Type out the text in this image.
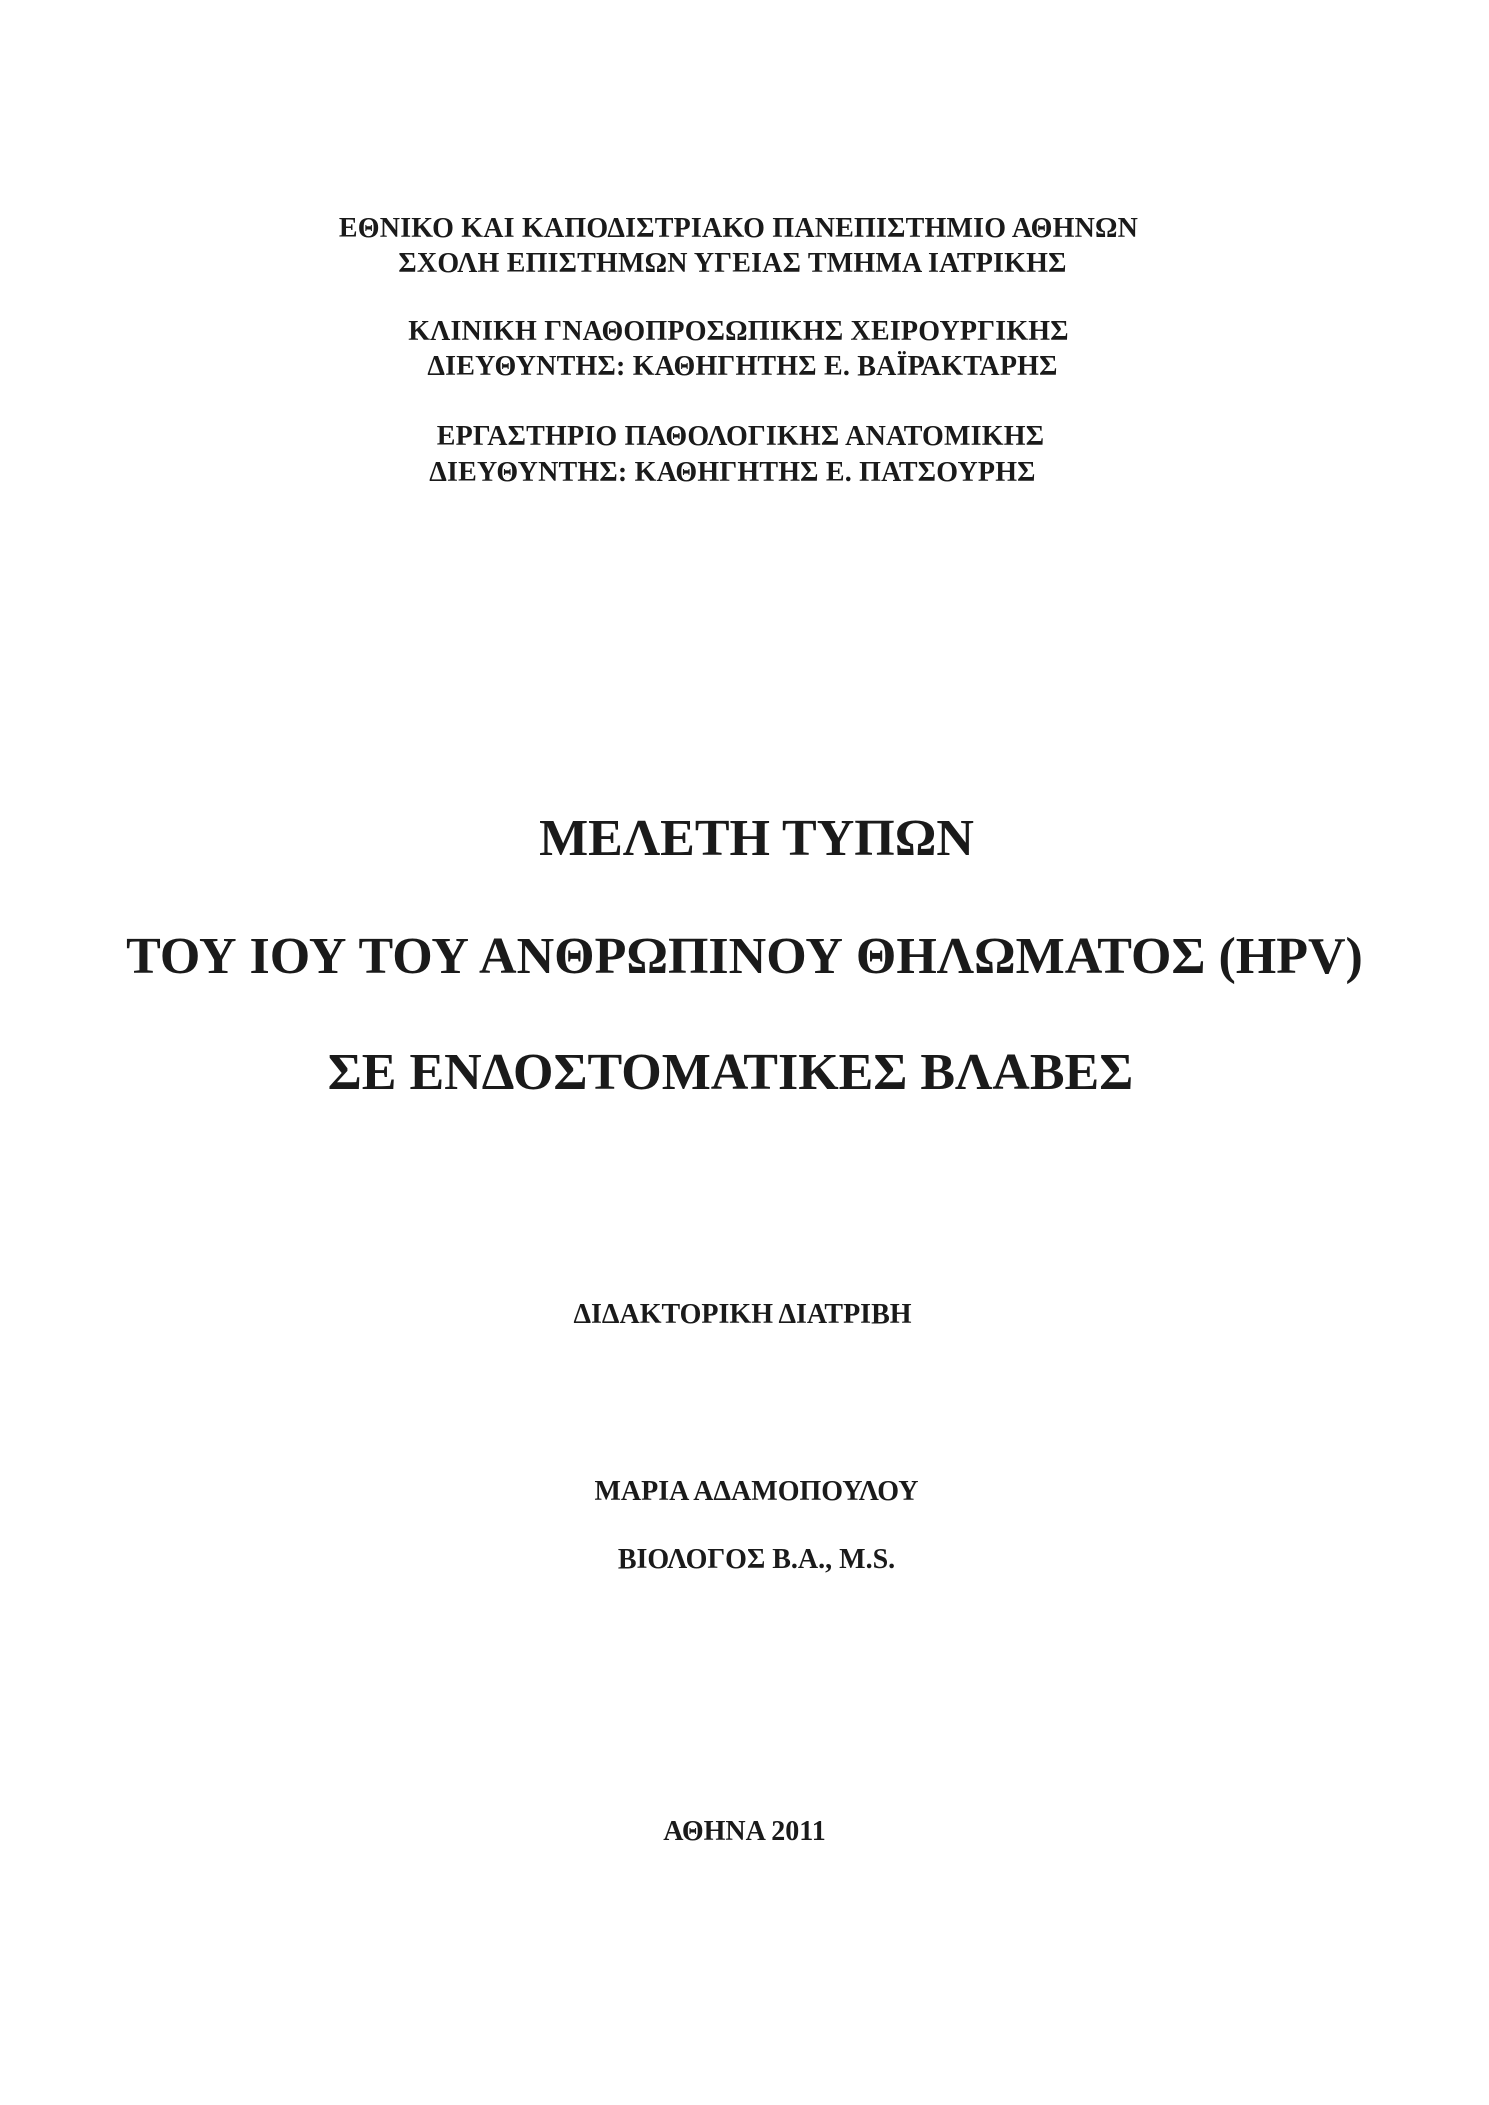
ΕΘΝΙΚΟ ΚΑΙ ΚΑΠΟΔΙΣΤΡΙΑΚΟ ΠΑΝΕΠΙΣΤΗΜΙΟ ΑΘΗΝΩΝ
ΣΧΟΛΗ ΕΠΙΣΤΗΜΩΝ ΥΓΕΙΑΣ ΤΜΗΜΑ ΙΑΤΡΙΚΗΣ
ΚΛΙΝΙΚΗ ΓΝΑΘΟΠΡΟΣΩΠΙΚΗΣ ΧΕΙΡΟΥΡΓΙΚΗΣ
ΔΙΕΥΘΥΝΤΗΣ: ΚΑΘΗΓΗΤΗΣ Ε. ΒΑΪΡΑΚΤΑΡΗΣ
ΕΡΓΑΣΤΗΡΙΟ ΠΑΘΟΛΟΓΙΚΗΣ ΑΝΑΤΟΜΙΚΗΣ
ΔΙΕΥΘΥΝΤΗΣ: ΚΑΘΗΓΗΤΗΣ Ε. ΠΑΤΣΟΥΡΗΣ
ΜΕΛΕΤΗ ΤΥΠΩΝ
ΤΟΥ ΙΟΥ ΤΟΥ ΑΝΘΡΩΠΙΝΟΥ ΘΗΛΩΜΑΤΟΣ (HPV)
ΣΕ ΕΝΔΟΣΤΟΜΑΤΙΚΕΣ ΒΛΑΒΕΣ
ΔΙΔΑΚΤΟΡΙΚΗ ΔΙΑΤΡΙΒΗ
ΜΑΡΙΑ ΑΔΑΜΟΠΟΥΛΟΥ
ΒΙΟΛΟΓΟΣ B.A., M.S.
ΑΘΗΝΑ 2011
